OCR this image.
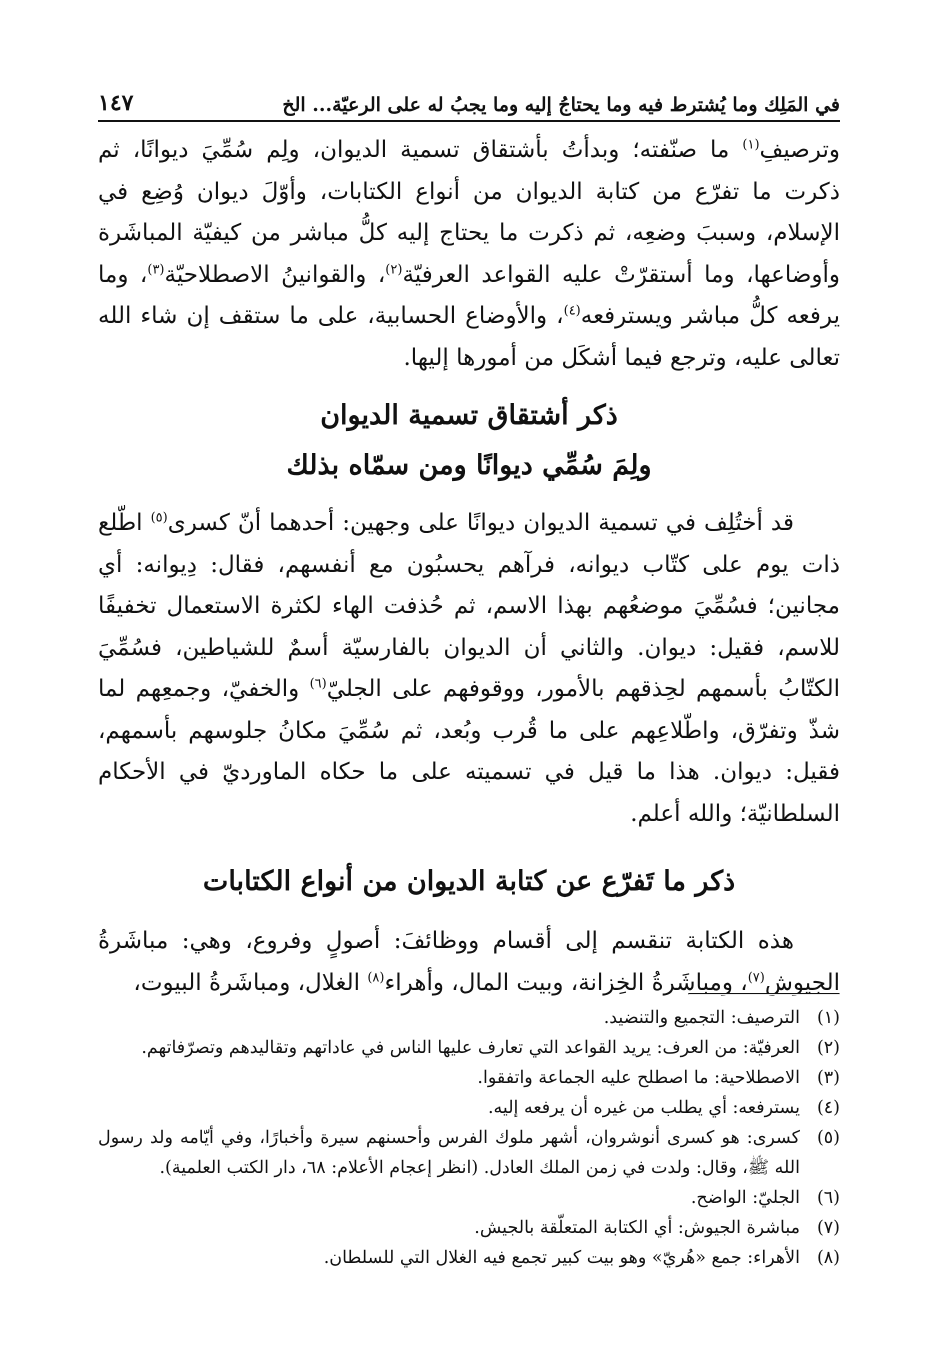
١٤٧	في المَلِك وما يُشترط فيه وما يحتاجُ إليه وما يجبُ له على الرعيّة... الخ

وترصيفِ$^{(١)}$ ما صنّفته؛ وبدأتُ بأشتقاق تسمية الديوان، ولِم سُمِّيَ ديوانًا، ثم ذكرت ما تفرّع من كتابة الديوان من أنواع الكتابات، وأوّلَ ديوان وُضِع في الإسلام، وسببَ وضعِه، ثم ذكرت ما يحتاج إليه كلُّ مباشر من كيفيّة المباشَرة وأوضاعها، وما أستقرّتْ عليه القواعد العرفيّة$^{(٢)}$، والقوانينُ الاصطلاحيّة$^{(٣)}$، وما يرفعه كلُّ مباشر ويسترفعه$^{(٤)}$، والأوضاع الحسابية، على ما ستقف إن شاء الله تعالى عليه، وترجع فيما أشكَل من أمورها إليها.

ذكر أشتقاق تسمية الديوان
ولِمَ سُمِّي ديوانًا ومن سمّاه بذلك

قد أختُلِف في تسمية الديوان ديوانًا على وجهين: أحدهما أنّ كسرى$^{(٥)}$ اطّلع ذات يوم على كتّاب ديوانه، فرآهم يحسبُون مع أنفسهم، فقال: دِيوانه: أي مجانين؛ فسُمِّيَ موضعُهم بهذا الاسم، ثم حُذفت الهاء لكثرة الاستعمال تخفيفًا للاسم، فقيل: ديوان. والثاني أن الديوان بالفارسيّة أسمٌ للشياطين، فسُمِّيَ الكتّابُ بأسمهم لحِذقهم بالأمور، ووقوفهم على الجليّ$^{(٦)}$ والخفيّ، وجمعِهم لما شذّ وتفرّق، واطّلاعِهم على ما قُرب وبُعد، ثم سُمِّيَ مكانُ جلوسهم بأسمهم، فقيل: ديوان. هذا ما قيل في تسميته على ما حكاه الماورديّ في الأحكام السلطانيّة؛ والله أعلم.

ذكر ما تَفرّع عن كتابة الديوان من أنواع الكتابات

هذه الكتابة تنقسم إلى أقسام ووظائفَ: أصولٍ وفروع، وهي: مباشَرةُ الجيوش$^{(٧)}$، ومباشَرةُ الخِزانة، وبيت المال، وأهراء$^{(٨)}$ الغلال، ومباشَرةُ البيوت،

(١)
الترصيف: التجميع والتنضيد.
(٢)
العرفيّة: من العرف: يريد القواعد التي تعارف عليها الناس في عاداتهم وتقاليدهم وتصرّفاتهم.
(٣)
الاصطلاحية: ما اصطلح عليه الجماعة واتفقوا.
(٤)
يسترفعه: أي يطلب من غيره أن يرفعه إليه.
(٥)
كسرى: هو كسرى أنوشروان، أشهر ملوك الفرس وأحسنهم سيرة وأخبارًا، وفي أيّامه ولد رسول الله ﷺ، وقال: ولدت في زمن الملك العادل. (انظر إعجام الأعلام: ٦٨، دار الكتب العلمية).
(٦)
الجليّ: الواضح.
(٧)
مباشرة الجيوش: أي الكتابة المتعلّقة بالجيش.
(٨)
الأهراء: جمع «هُريّ» وهو بيت كبير تجمع فيه الغلال التي للسلطان.
